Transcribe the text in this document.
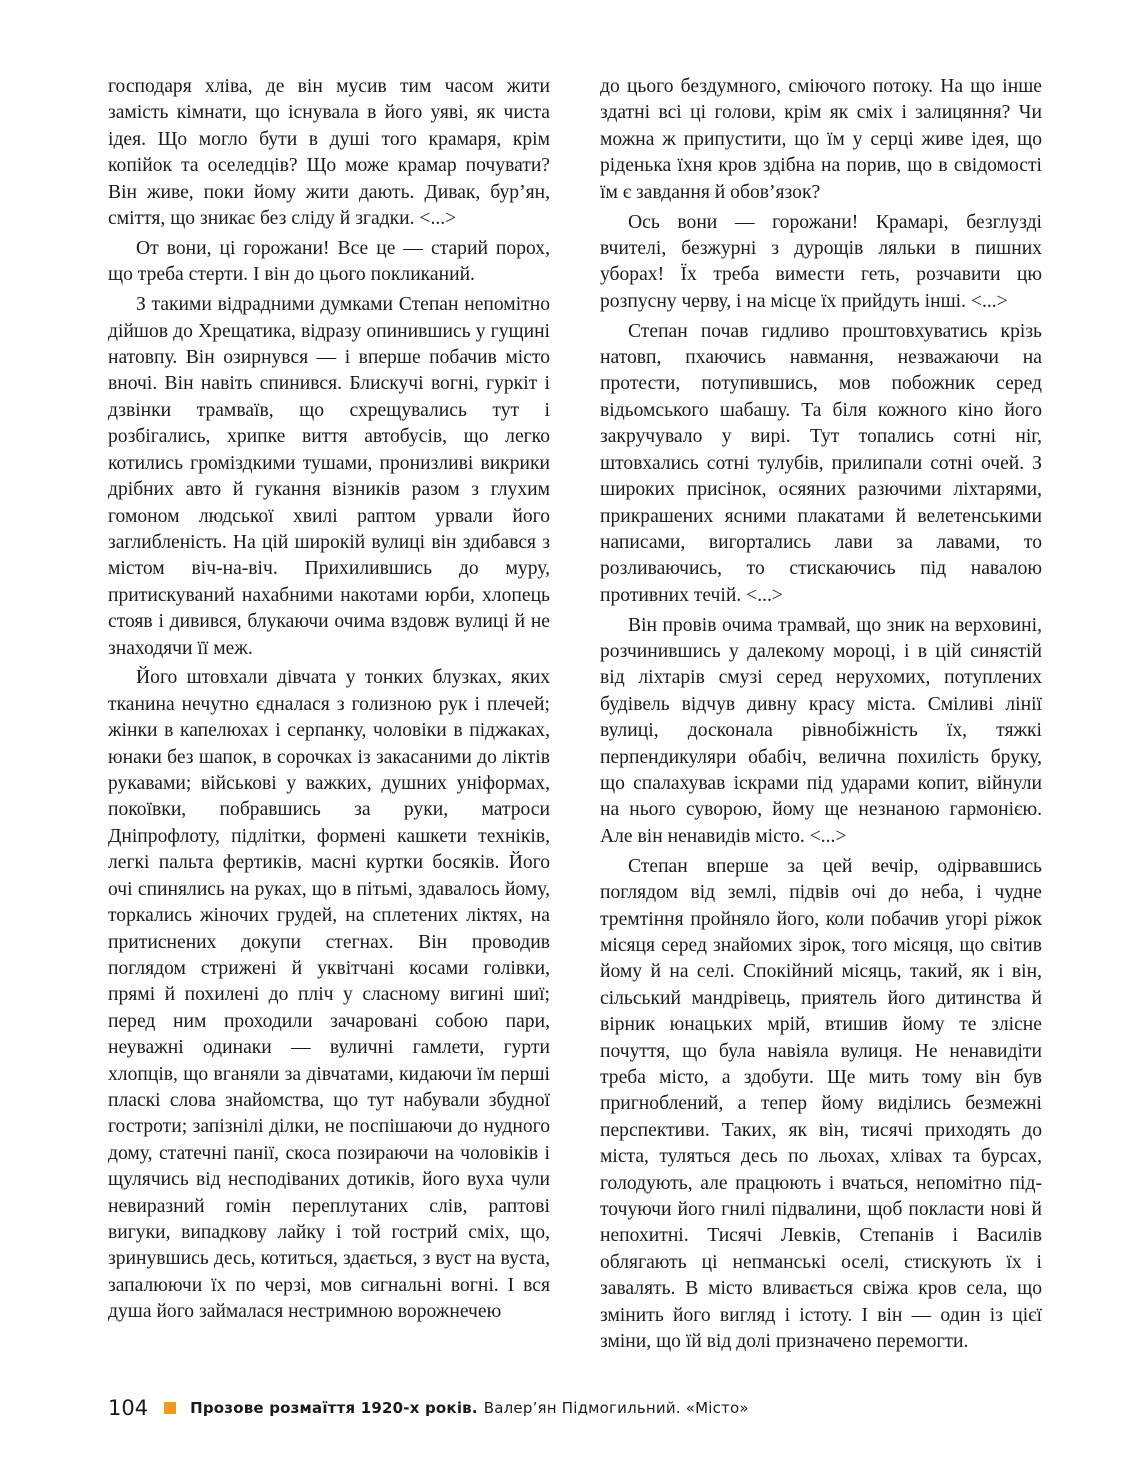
господаря хліва, де він мусив тим часом жити замість кімнати, що існувала в його уяві, як чиста ідея. Що могло бути в душі того крамаря, крім копійок та оселедців? Що може крамар почувати? Він живе, поки йому жити дають. Дивак, бур’ян, сміття, що зникає без сліду й згадки. <...>

От вони, ці горожани! Все це — старий порох, що треба стерти. І він до цього покликаний.

З такими відрадними думками Степан непомітно дійшов до Хрещатика, відразу опинившись у гущині натовпу. Він озирнувся — і вперше побачив місто вночі. Він навіть спинився. Блискучі вогні, гуркіт і дзвінки трамваїв, що схрещувались тут і розбігались, хрипке виття автобусів, що легко котились громіздкими тушами, пронизливі викрики дрібних авто й гукання візників разом з глухим гомоном людської хвилі раптом урвали його заглибленість. На цій широкій вулиці він здибався з містом віч-на-віч. Прихилившись до муру, притискуваний нахабними накотами юрби, хлопець стояв і дивився, блукаючи очима вздовж вулиці й не знаходячи її меж.

Його штовхали дівчата у тонких блузках, яких тканина нечутно єдналася з голизною рук і плечей; жінки в капелюхах і серпанку, чоловіки в піджаках, юнаки без шапок, в сорочках із закасаними до ліктів рукавами; військові у важких, душних уніформах, покоївки, побравшись за руки, матроси Дніпрофлоту, підлітки, формені кашкети техніків, легкі пальта фертиків, масні куртки босяків. Його очі спинялись на руках, що в пітьмі, здавалось йому, торкались жіночих грудей, на сплетених ліктях, на притиснених докупи стегнах. Він проводив поглядом стрижені й уквітчані косами голівки, прямі й похилені до пліч у сласному вигині шиї; перед ним проходили зачаровані собою пари, неуважні одинаки — вуличні гамлети, гурти хлопців, що вганяли за дівчатами, кидаючи їм перші пласкі слова знайомства, що тут набували збудної гостроти; запізнілі ділки, не поспішаючи до нудного дому, статечні панії, скоса позираючи на чоловіків і щулячись від несподіваних дотиків, його вуха чули невиразний гомін переплутаних слів, раптові вигуки, випадкову лайку і той гострий сміх, що, зринувшись десь, котиться, здається, з вуст на вуста, запалюючи їх по черзі, мов сигнальні вогні. І вся душа його займалася нестримною ворожнечею

до цього бездумного, сміючого потоку. На що інше здатні всі ці голови, крім як сміх і залицяння? Чи можна ж припустити, що їм у серці живе ідея, що ріденька їхня кров здібна на порив, що в свідомості їм є завдання й обов’язок?

Ось вони — горожани! Крамарі, безглузді вчителі, безжурні з дурощів ляльки в пишних уборах! Їх треба вимести геть, розчавити цю розпусну черву, і на місце їх прийдуть інші. <...>

Степан почав гидливо проштовхуватись крізь натовп, пхаючись навмання, незважаючи на протести, потупившись, мов побожник серед відьомського шабашу. Та біля кожного кіно його закручувало у вирі. Тут топались сотні ніг, штовхались сотні тулубів, прилипали сотні очей. З широких присінок, осяяних разючими ліхтарями, прикрашених ясними плакатами й велетенськими написами, вигортались лави за лавами, то розливаючись, то стискаючись під навалою противних течій. <...>

Він провів очима трамвай, що зник на верховині, розчинившись у далекому мороці, і в цій синястій від ліхтарів смузі серед нерухомих, потуплених будівель відчув дивну красу міста. Сміливі лінії вулиці, досконала рівнобіжність їх, тяжкі перпендикуляри обабіч, велична похилість бруку, що спалахував іскрами під ударами копит, війнули на нього суворою, йому ще незнаною гармонією. Але він ненавидів місто. <...>

Степан вперше за цей вечір, одірвавшись поглядом від землі, підвів очі до неба, і чудне тремтіння пройняло його, коли побачив угорі ріжок місяця серед знайомих зірок, того місяця, що світив йому й на селі. Спокійний місяць, такий, як і він, сільський мандрівець, приятель його дитинства й вірник юнацьких мрій, втишив йому те злісне почуття, що була навіяла вулиця. Не ненавидіти треба місто, а здобути. Ще мить тому він був пригноблений, а тепер йому виділись безмежні перспективи. Таких, як він, тисячі приходять до міста, туляться десь по льохах, хлівах та бурсах, голодують, але працюють і вчаться, непомітно підточуючи його гнилі підвалини, щоб покласти нові й непохитні. Тисячі Левків, Степанів і Василів облягають ці непманські оселі, стискують їх і завалять. В місто вливається свіжа кров села, що змінить його вигляд і істоту. І він — один із цієї зміни, що їй від долі призначено перемогти.

104	Прозове розмаїття 1920-х років. Валер’ян Підмогильний. «Місто»
